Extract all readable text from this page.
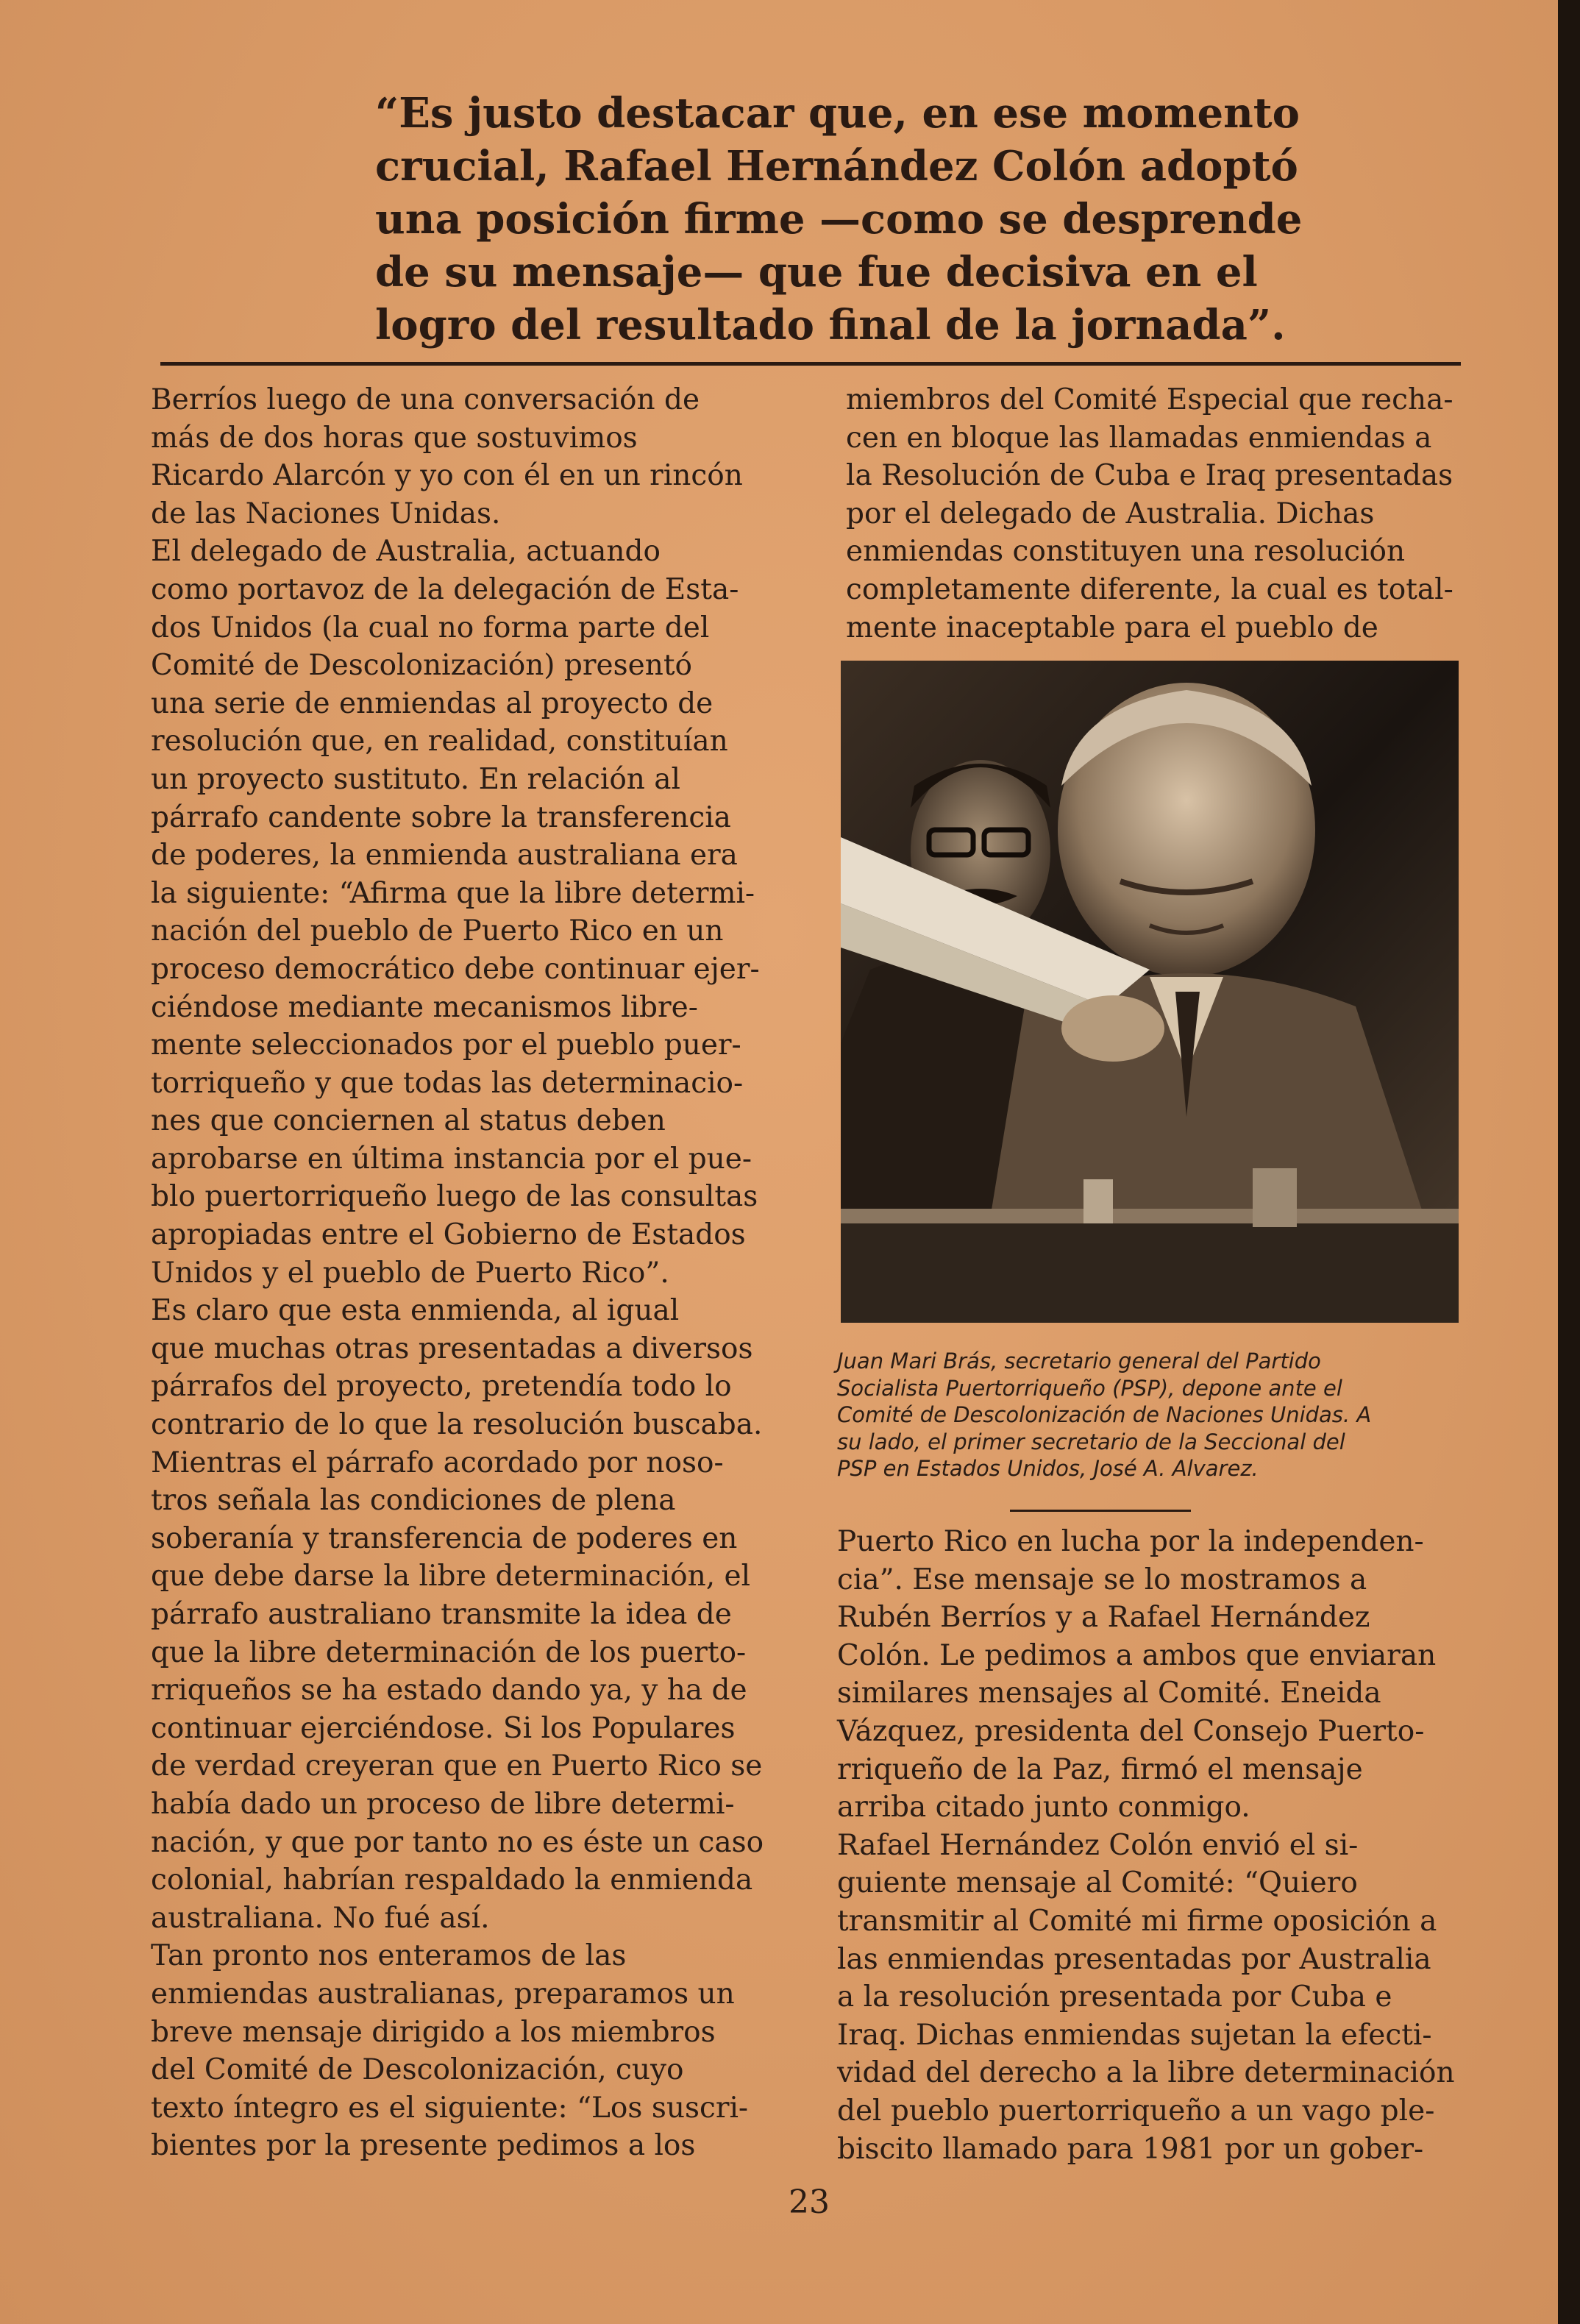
“Es justo destacar que, en ese momento
crucial, Rafael Hernández Colón adoptó
una posición firme —como se desprende
de su mensaje— que fue decisiva en el
logro del resultado final de la jornada”.
Berríos luego de una conversación de
más de dos horas que sostuvimos
Ricardo Alarcón y yo con él en un rincón
de las Naciones Unidas.
El delegado de Australia, actuando
como portavoz de la delegación de Esta-
dos Unidos (la cual no forma parte del
Comité de Descolonización) presentó
una serie de enmiendas al proyecto de
resolución que, en realidad, constituían
un proyecto sustituto. En relación al
párrafo candente sobre la transferencia
de poderes, la enmienda australiana era
la siguiente: “Afirma que la libre determi-
nación del pueblo de Puerto Rico en un
proceso democrático debe continuar ejer-
ciéndose mediante mecanismos libre-
mente seleccionados por el pueblo puer-
torriqueño y que todas las determinacio-
nes que conciernen al status deben
aprobarse en última instancia por el pue-
blo puertorriqueño luego de las consultas
apropiadas entre el Gobierno de Estados
Unidos y el pueblo de Puerto Rico”.
Es claro que esta enmienda, al igual
que muchas otras presentadas a diversos
párrafos del proyecto, pretendía todo lo
contrario de lo que la resolución buscaba.
Mientras el párrafo acordado por noso-
tros señala las condiciones de plena
soberanía y transferencia de poderes en
que debe darse la libre determinación, el
párrafo australiano transmite la idea de
que la libre determinación de los puerto-
rriqueños se ha estado dando ya, y ha de
continuar ejerciéndose. Si los Populares
de verdad creyeran que en Puerto Rico se
había dado un proceso de libre determi-
nación, y que por tanto no es éste un caso
colonial, habrían respaldado la enmienda
australiana. No fué así.
Tan pronto nos enteramos de las
enmiendas australianas, preparamos un
breve mensaje dirigido a los miembros
del Comité de Descolonización, cuyo
texto íntegro es el siguiente: “Los suscri-
bientes por la presente pedimos a los
miembros del Comité Especial que recha-
cen en bloque las llamadas enmiendas a
la Resolución de Cuba e Iraq presentadas
por el delegado de Australia. Dichas
enmiendas constituyen una resolución
completamente diferente, la cual es total-
mente inaceptable para el pueblo de
Juan Mari Brás, secretario general del Partido
Socialista Puertorriqueño (PSP), depone ante el
Comité de Descolonización de Naciones Unidas. A
su lado, el primer secretario de la Seccional del
PSP en Estados Unidos, José A. Alvarez.
Puerto Rico en lucha por la independen-
cia”. Ese mensaje se lo mostramos a
Rubén Berríos y a Rafael Hernández
Colón. Le pedimos a ambos que enviaran
similares mensajes al Comité. Eneida
Vázquez, presidenta del Consejo Puerto-
rriqueño de la Paz, firmó el mensaje
arriba citado junto conmigo.
Rafael Hernández Colón envió el si-
guiente mensaje al Comité: “Quiero
transmitir al Comité mi firme oposición a
las enmiendas presentadas por Australia
a la resolución presentada por Cuba e
Iraq. Dichas enmiendas sujetan la efecti-
vidad del derecho a la libre determinación
del pueblo puertorriqueño a un vago ple-
biscito llamado para 1981 por un gober-
23
